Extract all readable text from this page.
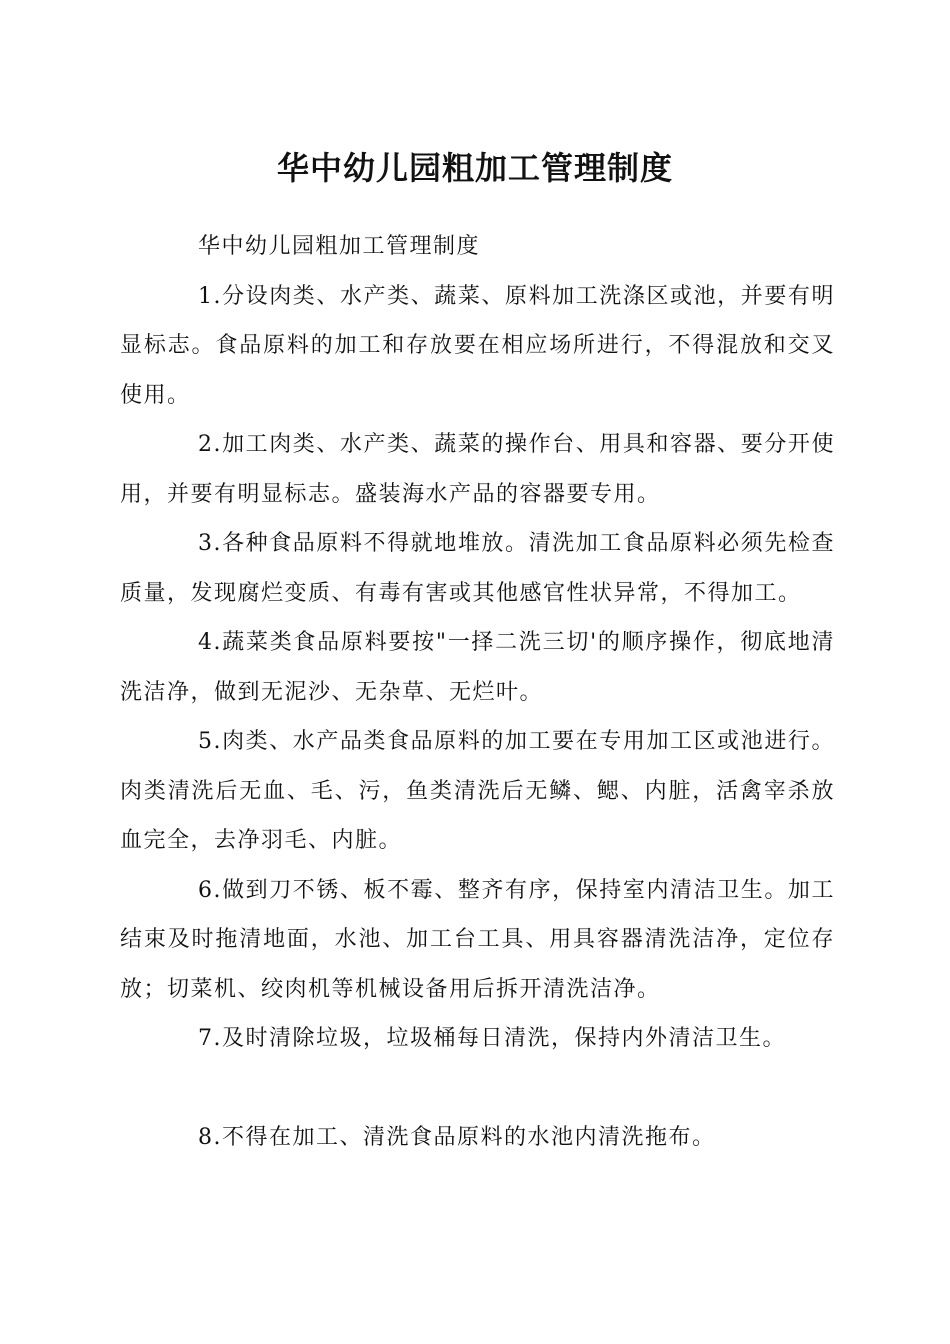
华中幼儿园粗加工管理制度

华中幼儿园粗加工管理制度

1.分设肉类、水产类、蔬菜、原料加工洗涤区或池，并要有明显标志。食品原料的加工和存放要在相应场所进行，不得混放和交叉使用。

2.加工肉类、水产类、蔬菜的操作台、用具和容器、要分开使用，并要有明显标志。盛装海水产品的容器要专用。

3.各种食品原料不得就地堆放。清洗加工食品原料必须先检查质量，发现腐烂变质、有毒有害或其他感官性状异常，不得加工。

4.蔬菜类食品原料要按"一择二洗三切'的顺序操作，彻底地清洗洁净，做到无泥沙、无杂草、无烂叶。

5.肉类、水产品类食品原料的加工要在专用加工区或池进行。肉类清洗后无血、毛、污，鱼类清洗后无鳞、鳃、内脏，活禽宰杀放血完全，去净羽毛、内脏。

6.做到刀不锈、板不霉、整齐有序，保持室内清洁卫生。加工结束及时拖清地面，水池、加工台工具、用具容器清洗洁净，定位存放；切菜机、绞肉机等机械设备用后拆开清洗洁净。

7.及时清除垃圾，垃圾桶每日清洗，保持内外清洁卫生。

8.不得在加工、清洗食品原料的水池内清洗拖布。
